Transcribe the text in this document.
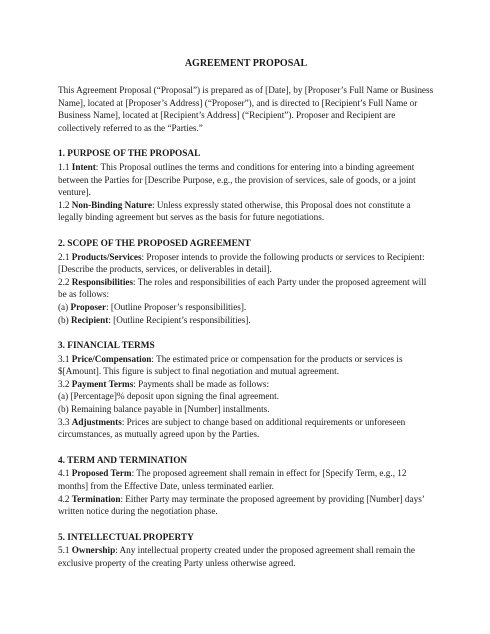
AGREEMENT PROPOSAL

This Agreement Proposal (“Proposal”) is prepared as of [Date], by [Proposer’s Full Name or Business Name], located at [Proposer’s Address] (“Proposer”), and is directed to [Recipient’s Full Name or Business Name], located at [Recipient’s Address] (“Recipient”). Proposer and Recipient are collectively referred to as the “Parties.”

1. PURPOSE OF THE PROPOSAL

1.1 Intent: This Proposal outlines the terms and conditions for entering into a binding agreement between the Parties for [Describe Purpose, e.g., the provision of services, sale of goods, or a joint venture].

1.2 Non-Binding Nature: Unless expressly stated otherwise, this Proposal does not constitute a legally binding agreement but serves as the basis for future negotiations.

2. SCOPE OF THE PROPOSED AGREEMENT

2.1 Products/Services: Proposer intends to provide the following products or services to Recipient:

[Describe the products, services, or deliverables in detail].

2.2 Responsibilities: The roles and responsibilities of each Party under the proposed agreement will be as follows:

(a) Proposer: [Outline Proposer’s responsibilities].

(b) Recipient: [Outline Recipient’s responsibilities].

3. FINANCIAL TERMS

3.1 Price/Compensation: The estimated price or compensation for the products or services is $[Amount]. This figure is subject to final negotiation and mutual agreement.

3.2 Payment Terms: Payments shall be made as follows:

(a) [Percentage]% deposit upon signing the final agreement.

(b) Remaining balance payable in [Number] installments.

3.3 Adjustments: Prices are subject to change based on additional requirements or unforeseen circumstances, as mutually agreed upon by the Parties.

4. TERM AND TERMINATION

4.1 Proposed Term: The proposed agreement shall remain in effect for [Specify Term, e.g., 12 months] from the Effective Date, unless terminated earlier.

4.2 Termination: Either Party may terminate the proposed agreement by providing [Number] days’ written notice during the negotiation phase.

5. INTELLECTUAL PROPERTY

5.1 Ownership: Any intellectual property created under the proposed agreement shall remain the exclusive property of the creating Party unless otherwise agreed.
